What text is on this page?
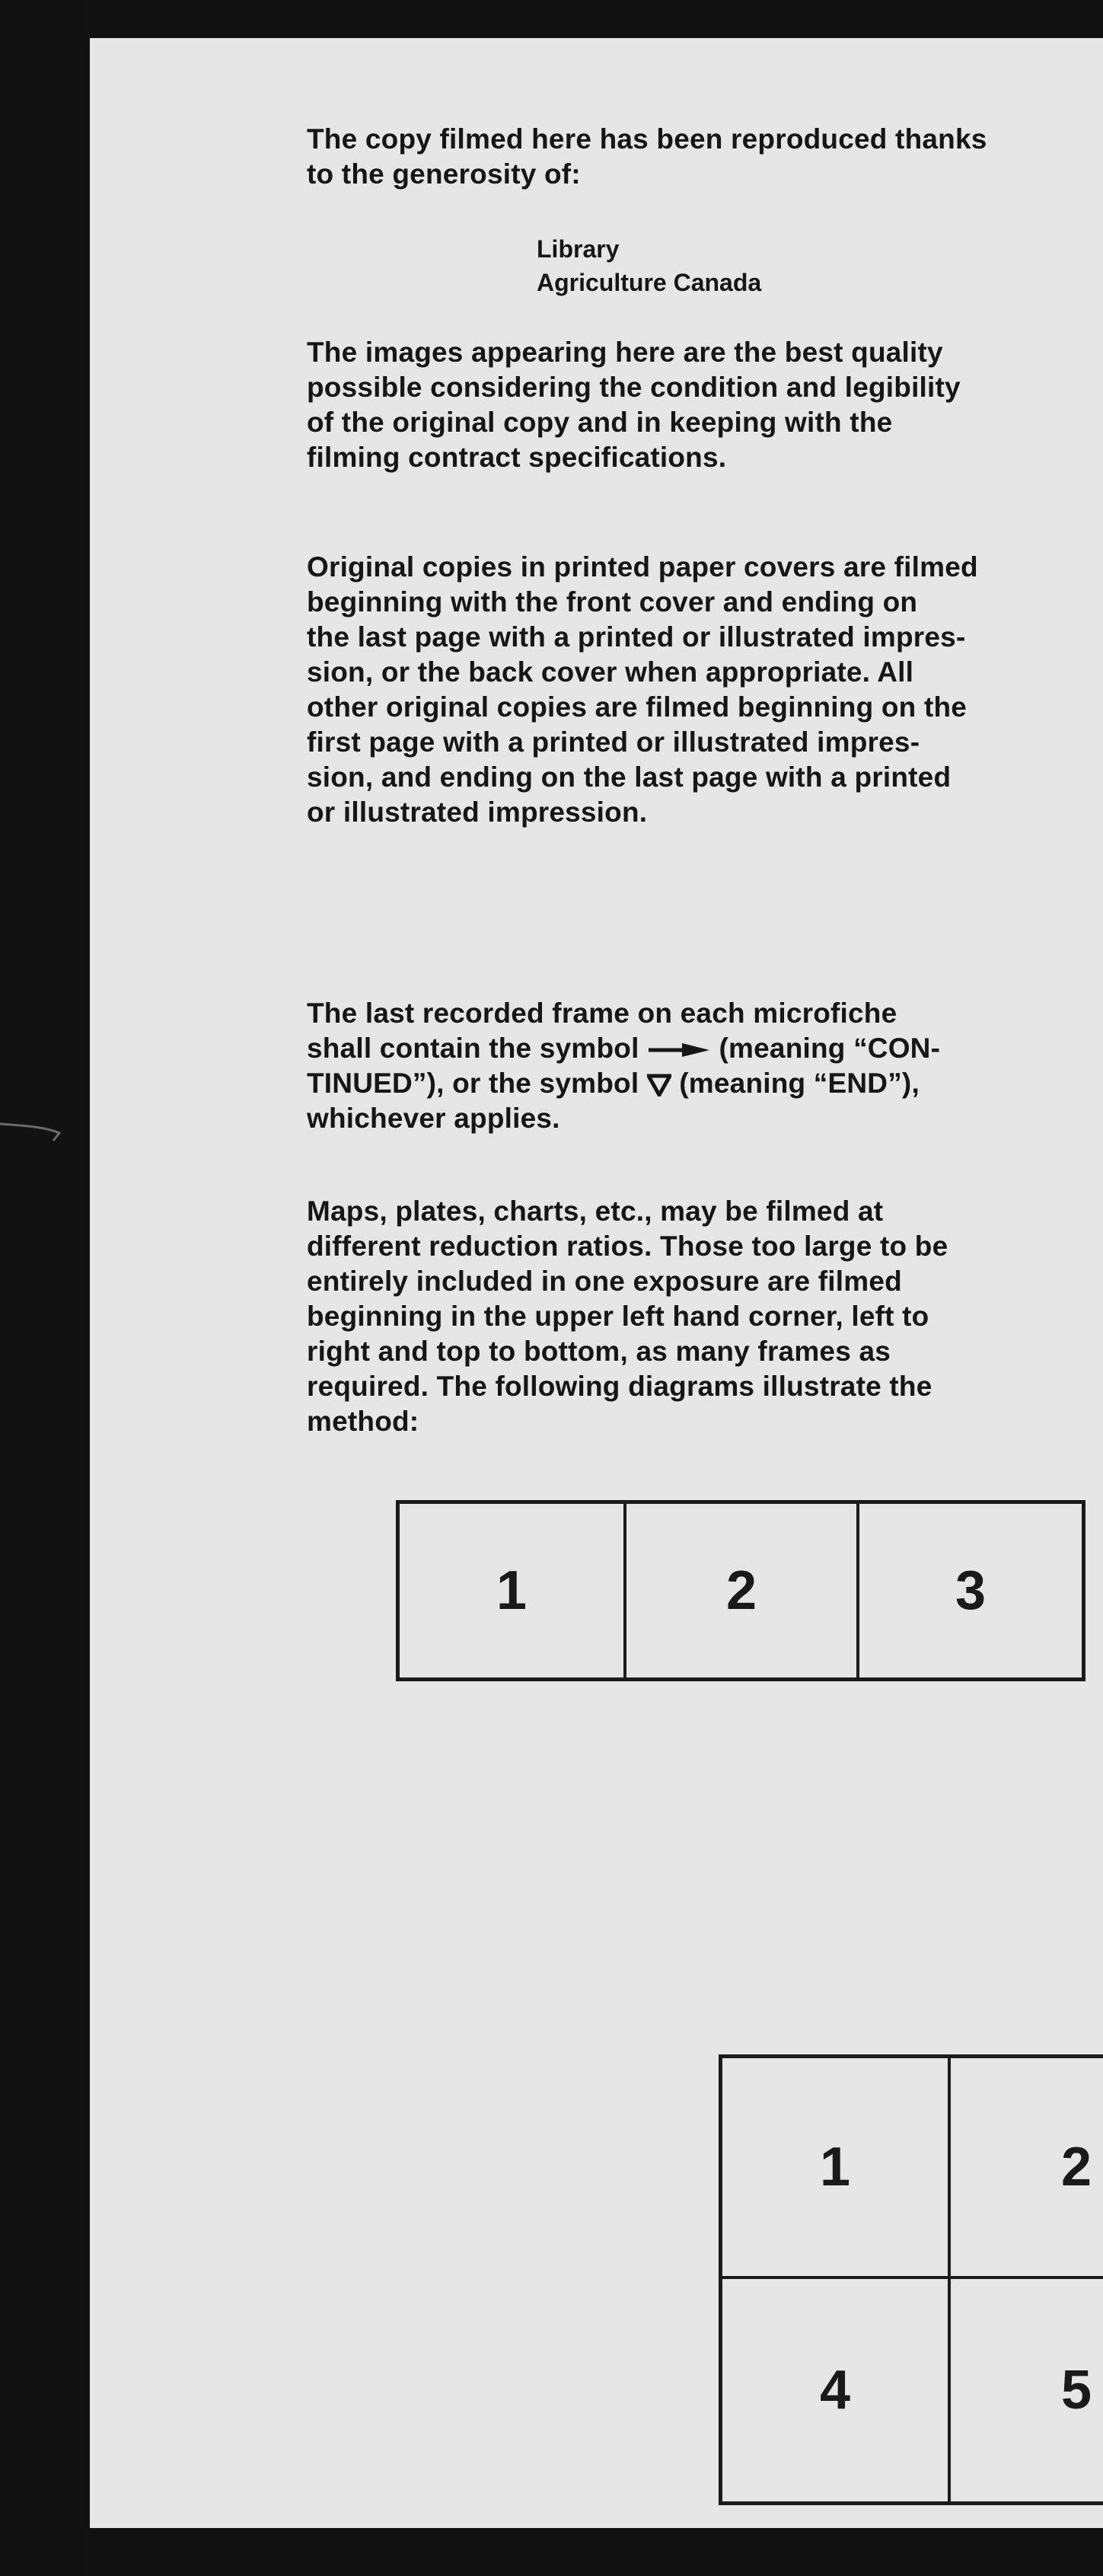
The copy filmed here has been reproduced thanks

to the generosity of:

Library
Agriculture Canada

The images appearing here are the best quality

possible considering the condition and legibility

of the original copy and in keeping with the

filming contract specifications.

Original copies in printed paper covers are filmed

beginning with the front cover and ending on

the last page with a printed or illustrated impres-

sion, or the back cover when appropriate. All

other original copies are filmed beginning on the

first page with a printed or illustrated impres-

sion, and ending on the last page with a printed

or illustrated impression.

The last recorded frame on each microfiche

shall contain the symbol	(meaning “CON-

TINUED”), or the symbol (meaning “END”),

whichever applies.

Maps, plates, charts, etc., may be filmed at

different reduction ratios. Those too large to be

entirely included in one exposure are filmed

beginning in the upper left hand corner, left to

right and top to bottom, as many frames as

required. The following diagrams illustrate the

method:

1	2	3
1	2
4	5
